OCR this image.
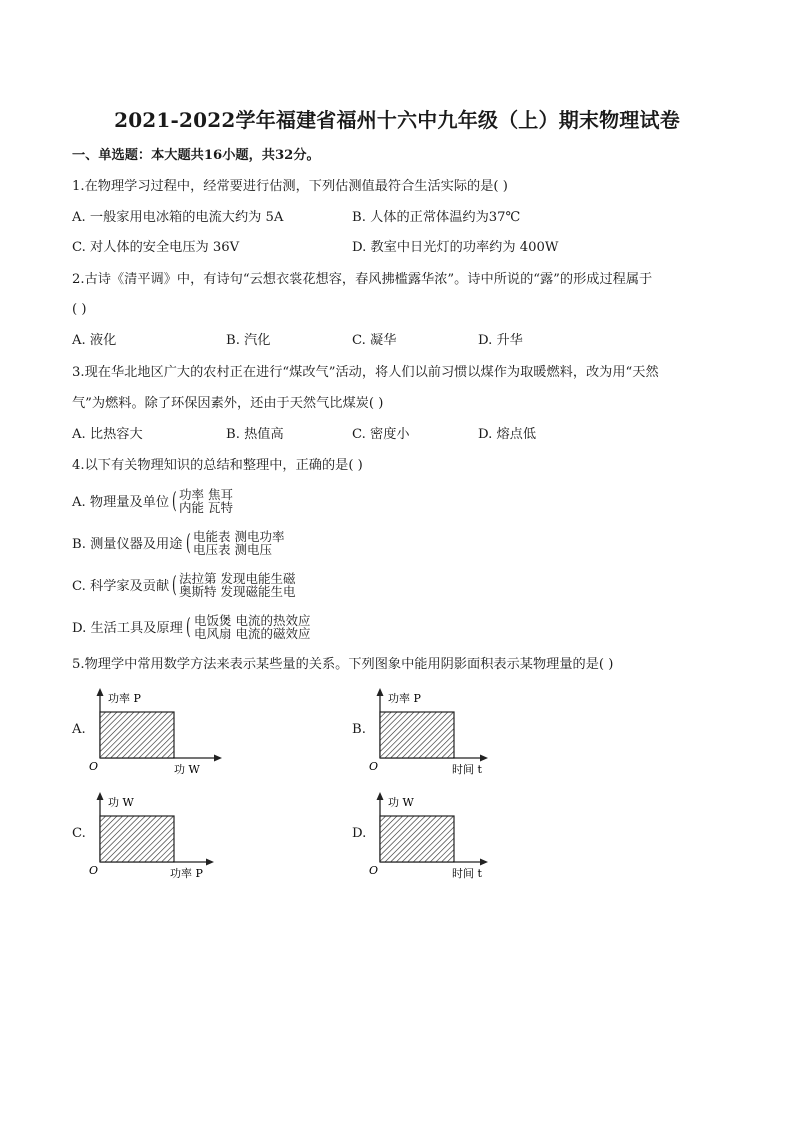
2021-2022学年福建省福州十六中九年级（上）期末物理试卷
一、单选题：本大题共16小题，共32分。
1.在物理学习过程中，经常要进行估测，下列估测值最符合生活实际的是( )
A. 一般家用电冰箱的电流大约为 5A	B. 人体的正常体温约为37℃
C. 对人体的安全电压为 36V	D. 教室中日光灯的功率约为 400W
2.古诗《清平调》中，有诗句“云想衣裳花想容，春风拂槛露华浓”。诗中所说的“露”的形成过程属于
( )
A. 液化	B. 汽化	C. 凝华	D. 升华
3.现在华北地区广大的农村正在进行“煤改气”活动，将人们以前习惯以煤作为取暖燃料，改为用“天然
气”为燃料。除了环保因素外，还由于天然气比煤炭( )
A. 比热容大	B. 热值高	C. 密度小	D. 熔点低
4.以下有关物理知识的总结和整理中，正确的是( )
A. 物理量及单位 ( 功率 焦耳
内能 瓦特
B. 测量仪器及用途 ( 电能表 测电功率
电压表 测电压
C. 科学家及贡献 ( 法拉第 发现电能生磁
奥斯特 发现磁能生电
D. 生活工具及原理 ( 电饭煲 电流的热效应
电风扇 电流的磁效应
5.物理学中常用数学方法来表示某些量的关系。下列图象中能用阴影面积表示某物理量的是( )
A.
功率 P
功 W
O
B.
功率 P
时间 t
O
C.
功 W
功率 P
O
D.
功 W
时间 t
O
